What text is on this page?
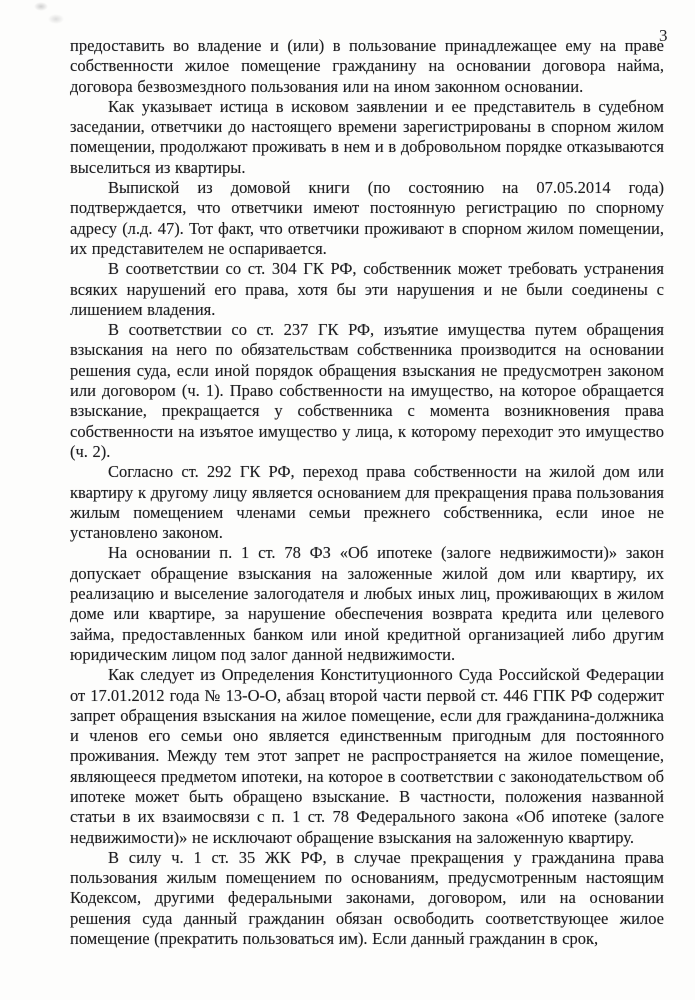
3

предоставить во владение и (или) в пользование принадлежащее ему на праве собственности жилое помещение гражданину на основании договора найма, договора безвозмездного пользования или на ином законном основании.

Как указывает истица в исковом заявлении и ее представитель в судебном заседании, ответчики до настоящего времени зарегистрированы в спорном жилом помещении, продолжают проживать в нем и в добровольном порядке отказываются выселиться из квартиры.

Выпиской из домовой книги (по состоянию на 07.05.2014 года) подтверждается, что ответчики имеют постоянную регистрацию по спорному адресу (л.д. 47). Тот факт, что ответчики проживают в спорном жилом помещении, их представителем не оспаривается.

В соответствии со ст. 304 ГК РФ, собственник может требовать устранения всяких нарушений его права, хотя бы эти нарушения и не были соединены с лишением владения.

В соответствии со ст. 237 ГК РФ, изъятие имущества путем обращения взыскания на него по обязательствам собственника производится на основании решения суда, если иной порядок обращения взыскания не предусмотрен законом или договором (ч. 1). Право собственности на имущество, на которое обращается взыскание, прекращается у собственника с момента возникновения права собственности на изъятое имущество у лица, к которому переходит это имущество (ч. 2).

Согласно ст. 292 ГК РФ, переход права собственности на жилой дом или квартиру к другому лицу является основанием для прекращения права пользования жилым помещением членами семьи прежнего собственника, если иное не установлено законом.

На основании п. 1 ст. 78 ФЗ «Об ипотеке (залоге недвижимости)» закон допускает обращение взыскания на заложенные жилой дом или квартиру, их реализацию и выселение залогодателя и любых иных лиц, проживающих в жилом доме или квартире, за нарушение обеспечения возврата кредита или целевого займа, предоставленных банком или иной кредитной организацией либо другим юридическим лицом под залог данной недвижимости.

Как следует из Определения Конституционного Суда Российской Федерации от 17.01.2012 года № 13-О-О, абзац второй части первой ст. 446 ГПК РФ содержит запрет обращения взыскания на жилое помещение, если для гражданина-должника и членов его семьи оно является единственным пригодным для постоянного проживания. Между тем этот запрет не распространяется на жилое помещение, являющееся предметом ипотеки, на которое в соответствии с законодательством об ипотеке может быть обращено взыскание. В частности, положения названной статьи в их взаимосвязи с п. 1 ст. 78 Федерального закона «Об ипотеке (залоге недвижимости)» не исключают обращение взыскания на заложенную квартиру.

В силу ч. 1 ст. 35 ЖК РФ, в случае прекращения у гражданина права пользования жилым помещением по основаниям, предусмотренным настоящим Кодексом, другими федеральными законами, договором, или на основании решения суда данный гражданин обязан освободить соответствующее жилое помещение (прекратить пользоваться им). Если данный гражданин в срок,
